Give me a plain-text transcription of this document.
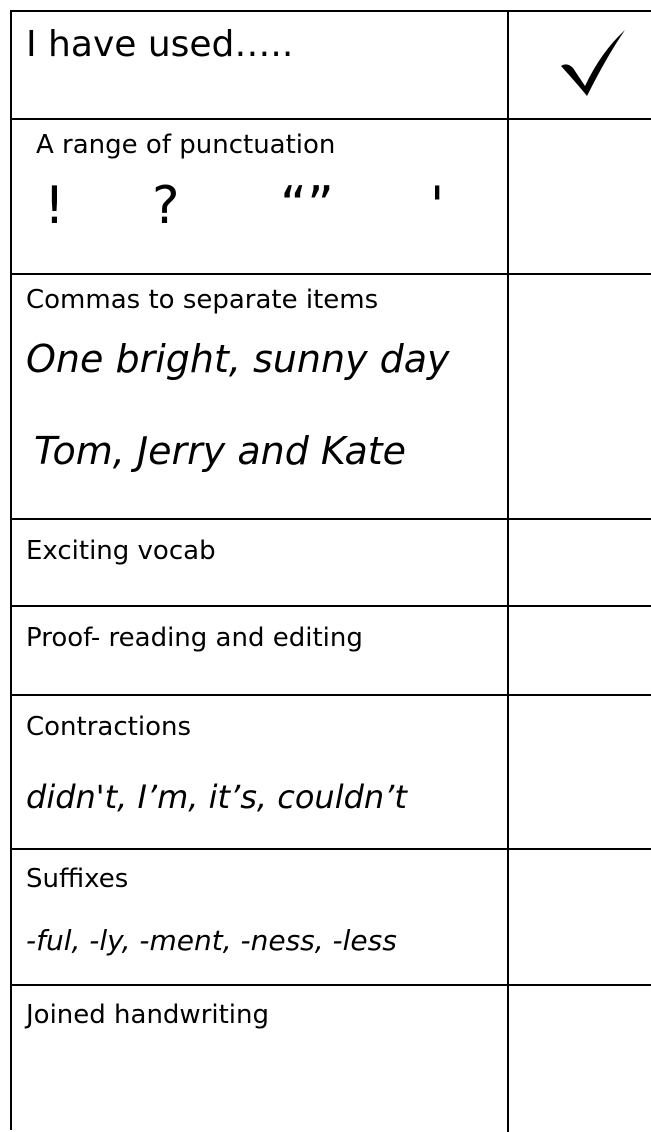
I have used…..
A range of punctuation
! ? “” '
Commas to separate items
One bright, sunny day
Tom, Jerry and Kate
Exciting vocab
Proof- reading and editing
Contractions
didn't, I’m, it’s, couldn’t
Suffixes
-ful, -ly, -ment, -ness, -less
Joined handwriting
